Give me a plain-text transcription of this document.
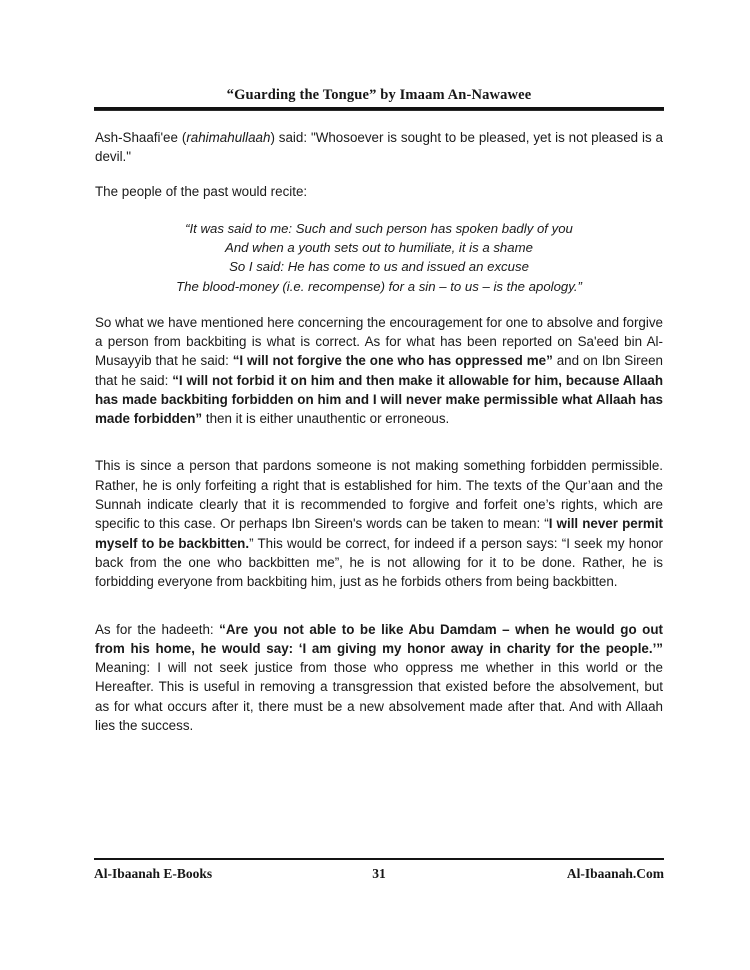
“Guarding the Tongue” by Imaam An-Nawawee

Ash-Shaafi'ee (rahimahullaah) said: "Whosoever is sought to be pleased, yet is not pleased is a devil."

The people of the past would recite:

“It was said to me: Such and such person has spoken badly of you
And when a youth sets out to humiliate, it is a shame
So I said: He has come to us and issued an excuse
The blood-money (i.e. recompense) for a sin – to us – is the apology.”

So what we have mentioned here concerning the encouragement for one to absolve and forgive a person from backbiting is what is correct. As for what has been reported on Sa'eed bin Al-Musayyib that he said: “I will not forgive the one who has oppressed me” and on Ibn Sireen that he said: “I will not forbid it on him and then make it allowable for him, because Allaah has made backbiting forbidden on him and I will never make permissible what Allaah has made forbidden” then it is either unauthentic or erroneous.

This is since a person that pardons someone is not making something forbidden permissible. Rather, he is only forfeiting a right that is established for him. The texts of the Qur’aan and the Sunnah indicate clearly that it is recommended to forgive and forfeit one’s rights, which are specific to this case. Or perhaps Ibn Sireen's words can be taken to mean: “I will never permit myself to be backbitten.” This would be correct, for indeed if a person says: “I seek my honor back from the one who backbitten me”, he is not allowing for it to be done. Rather, he is forbidding everyone from backbiting him, just as he forbids others from being backbitten.

As for the hadeeth: “Are you not able to be like Abu Damdam – when he would go out from his home, he would say: ‘I am giving my honor away in charity for the people.’” Meaning: I will not seek justice from those who oppress me whether in this world or the Hereafter. This is useful in removing a transgression that existed before the absolvement, but as for what occurs after it, there must be a new absolvement made after that. And with Allaah lies the success.

Al-Ibaanah E-Books	31	Al-Ibaanah.Com
